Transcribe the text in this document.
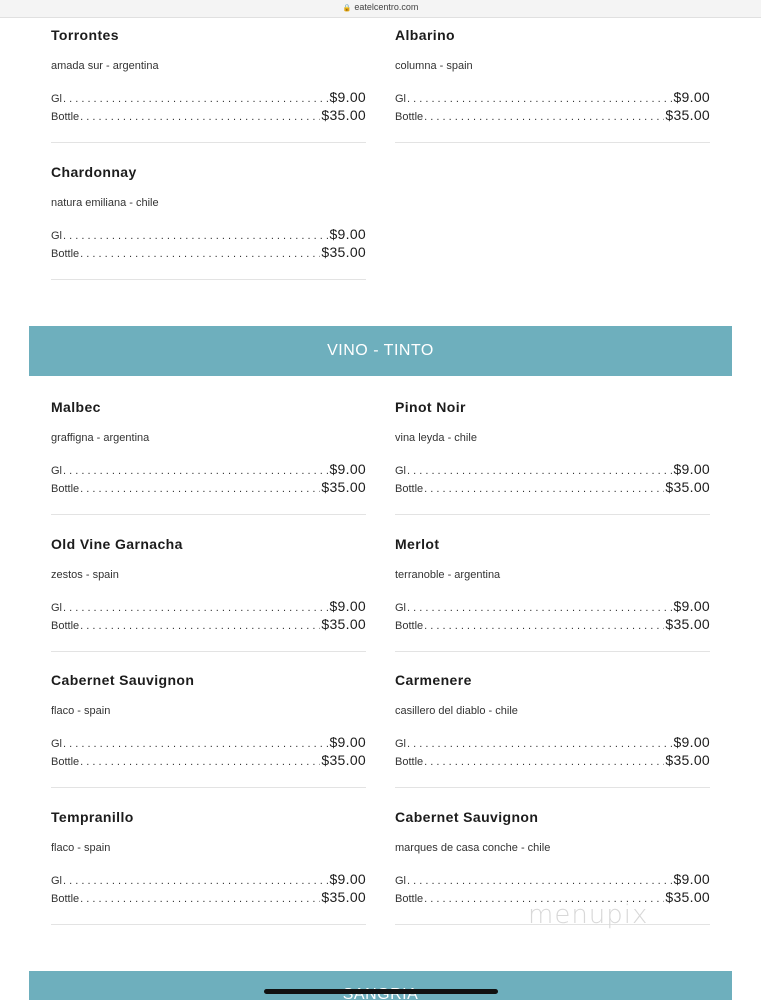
🔒 eatelcentro.com
Torrontes
amada sur - argentina
Gl . . .	$9.00
Bottle . . .	$35.00
Albarino
columna - spain
Gl . . .	$9.00
Bottle . . .	$35.00
Chardonnay
natura emiliana - chile
Gl . . .	$9.00
Bottle . . .	$35.00
VINO - TINTO
Malbec
graffigna - argentina
Gl . . .	$9.00
Bottle . . .	$35.00
Pinot Noir
vina leyda - chile
Gl . . .	$9.00
Bottle . . .	$35.00
Old Vine Garnacha
zestos - spain
Gl . . .	$9.00
Bottle . . .	$35.00
Merlot
terranoble - argentina
Gl . . .	$9.00
Bottle . . .	$35.00
Cabernet Sauvignon
flaco - spain
Gl . . .	$9.00
Bottle . . .	$35.00
Carmenere
casillero del diablo - chile
Gl . . .	$9.00
Bottle . . .	$35.00
Tempranillo
flaco - spain
Gl . . .	$9.00
Bottle . . .	$35.00
Cabernet Sauvignon
marques de casa conche - chile
Gl . . .	$9.00
Bottle . . .	$35.00
menupix
